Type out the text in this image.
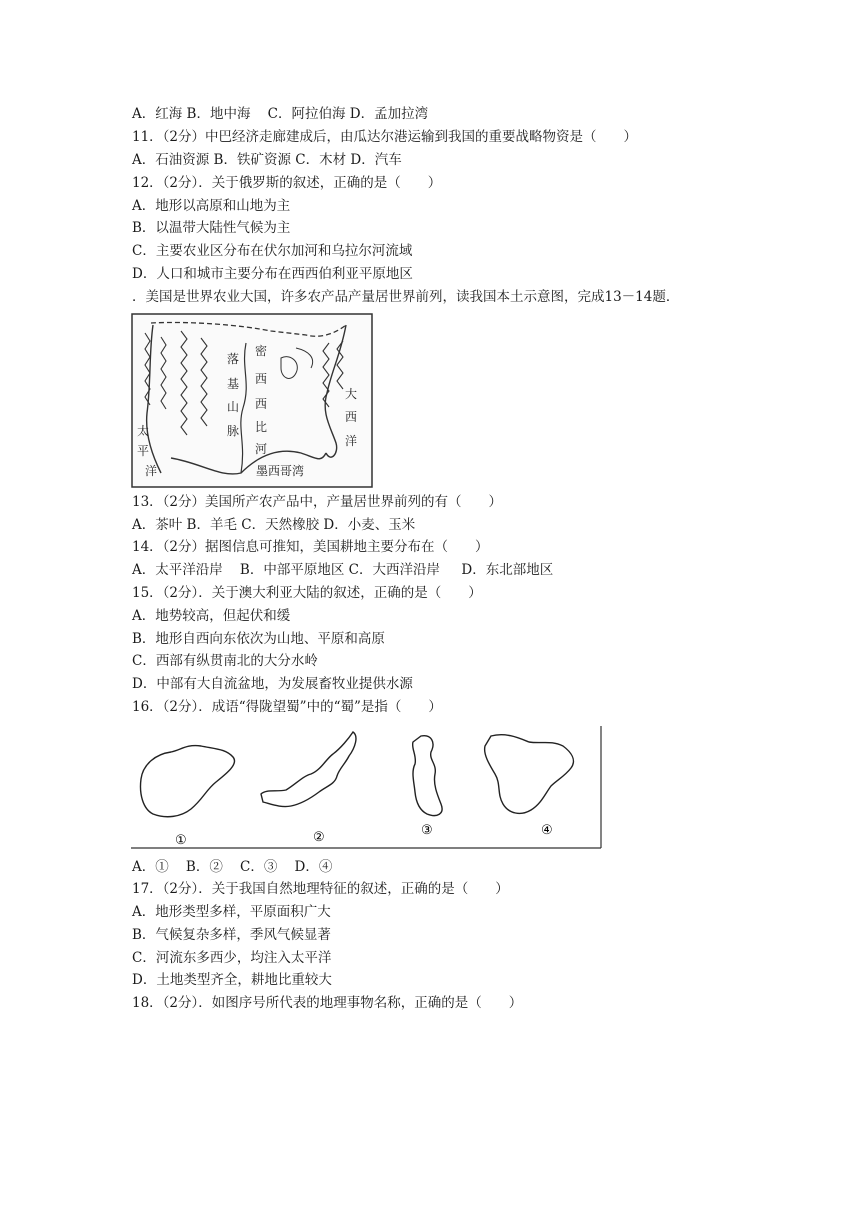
A．红海 B．地中海    C．阿拉伯海 D．孟加拉湾
11．（2分）中巴经济走廊建成后，由瓜达尔港运输到我国的重要战略物资是（　　）
A．石油资源 B．铁矿资源 C．木材 D．汽车
12．（2分）．关于俄罗斯的叙述，正确的是（　　）
A．地形以高原和山地为主
B．以温带大陆性气候为主
C．主要农业区分布在伏尔加河和乌拉尔河流域
D．人口和城市主要分布在西西伯利亚平原地区
．美国是世界农业大国，许多农产品产量居世界前列，读我国本土示意图，完成13－14题．
落
基
山
脉
密
西
西
比
河
大
西
洋
太
平
洋	墨西哥湾
13．（2分）美国所产农产品中，产量居世界前列的有（　　）
A．茶叶 B．羊毛 C．天然橡胶 D．小麦、玉米
14．（2分）据图信息可推知，美国耕地主要分布在（　　）
A．太平洋沿岸    B．中部平原地区 C．大西洋沿岸     D．东北部地区
15．（2分）．关于澳大利亚大陆的叙述，正确的是（　　）
A．地势较高，但起伏和缓
B．地形自西向东依次为山地、平原和高原
C．西部有纵贯南北的大分水岭
D．中部有大自流盆地，为发展畜牧业提供水源
16．（2分）．成语“得陇望蜀”中的“蜀”是指（　　）
①	②	③	④
A．①    B．②    C．③    D．④
17．（2分）．关于我国自然地理特征的叙述，正确的是（　　）
A．地形类型多样，平原面积广大
B．气候复杂多样，季风气候显著
C．河流东多西少，均注入太平洋
D．土地类型齐全，耕地比重较大
18．（2分）．如图序号所代表的地理事物名称，正确的是（　　）
